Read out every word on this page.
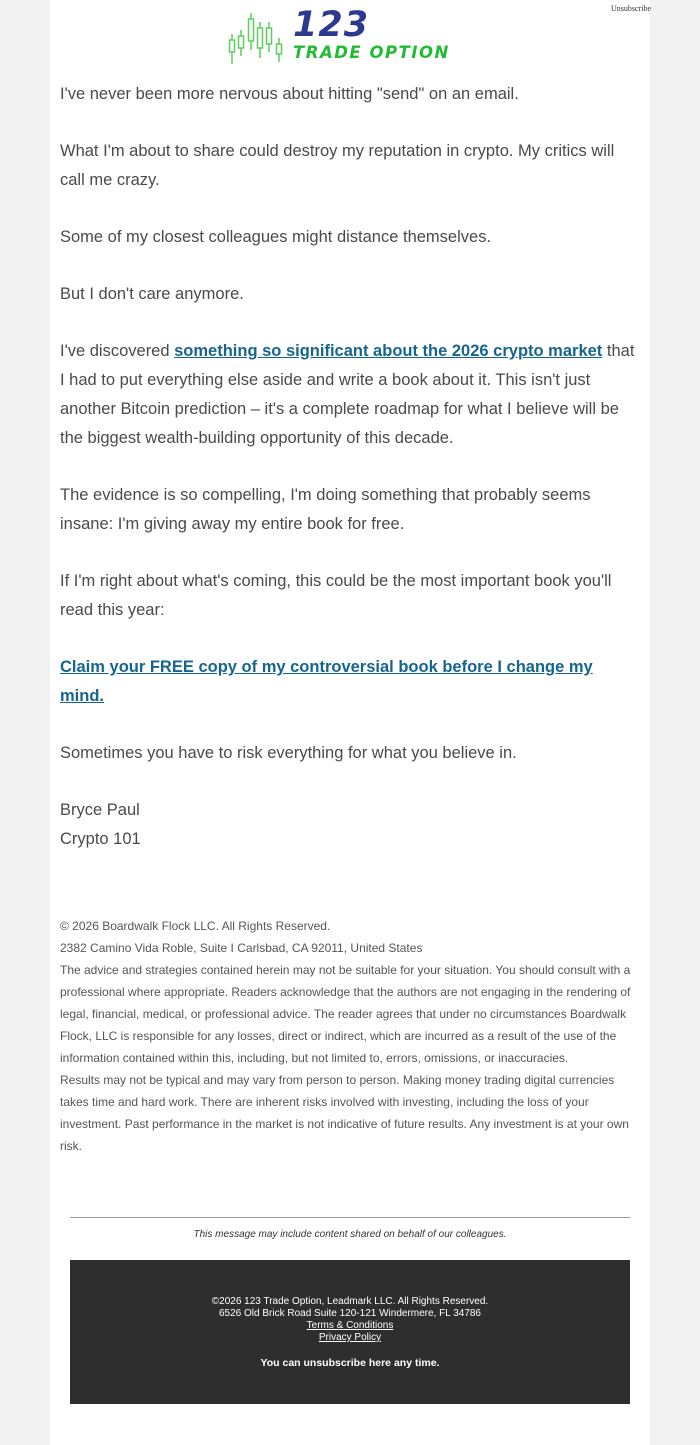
Unsubscribe
123
TRADE OPTION

I've never been more nervous about hitting "send" on an email.

What I'm about to share could destroy my reputation in crypto. My critics will call me crazy.

Some of my closest colleagues might distance themselves.

But I don't care anymore.

I've discovered something so significant about the 2026 crypto market that I had to put everything else aside and write a book about it. This isn't just another Bitcoin prediction – it's a complete roadmap for what I believe will be the biggest wealth-building opportunity of this decade.

The evidence is so compelling, I'm doing something that probably seems insane: I'm giving away my entire book for free.

If I'm right about what's coming, this could be the most important book you'll read this year:

Claim your FREE copy of my controversial book before I change my mind.

Sometimes you have to risk everything for what you believe in.

Bryce Paul
Crypto 101

© 2026 Boardwalk Flock LLC. All Rights Reserved.

2382 Camino Vida Roble, Suite I Carlsbad, CA 92011, United States

The advice and strategies contained herein may not be suitable for your situation. You should consult with a professional where appropriate. Readers acknowledge that the authors are not engaging in the rendering of legal, financial, medical, or professional advice. The reader agrees that under no circumstances Boardwalk Flock, LLC is responsible for any losses, direct or indirect, which are incurred as a result of the use of the information contained within this, including, but not limited to, errors, omissions, or inaccuracies.

Results may not be typical and may vary from person to person. Making money trading digital currencies takes time and hard work. There are inherent risks involved with investing, including the loss of your investment. Past performance in the market is not indicative of future results. Any investment is at your own risk.

This message may include content shared on behalf of our colleagues.
©2026 123 Trade Option, Leadmark LLC. All Rights Reserved.
6526 Old Brick Road Suite 120-121 Windermere, FL 34786
Terms & Conditions
Privacy Policy
You can unsubscribe here any time.
